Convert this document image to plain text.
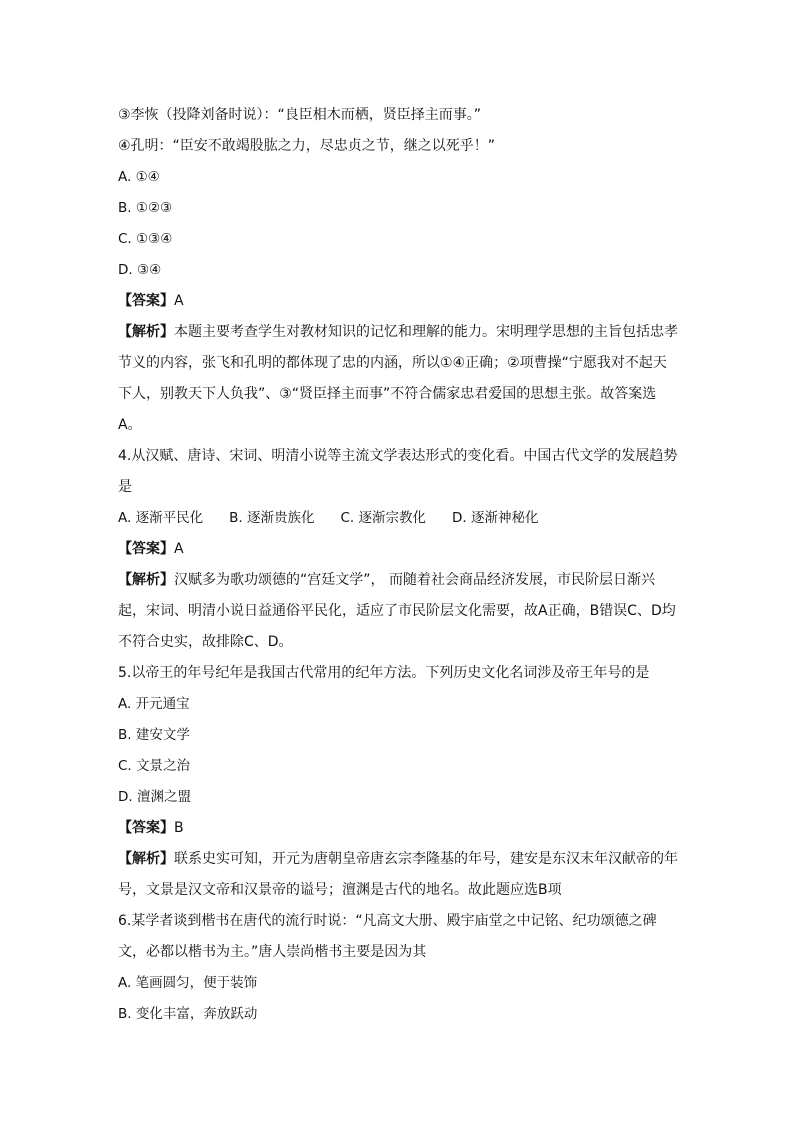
③李恢（投降刘备时说）：“良臣相木而栖，贤臣择主而事。”
④孔明：“臣安不敢竭股肱之力，尽忠贞之节，继之以死乎！”
A. ①④
B. ①②③
C. ①③④
D. ③④
【答案】A
【解析】本题主要考查学生对教材知识的记忆和理解的能力。宋明理学思想的主旨包括忠孝节义的内容，张飞和孔明的都体现了忠的内涵，所以①④正确；②项曹操“宁愿我对不起天下人，别教天下人负我”、③“贤臣择主而事”不符合儒家忠君爱国的思想主张。故答案选A。
4.从汉赋、唐诗、宋词、明清小说等主流文学表达形式的变化看。中国古代文学的发展趋势是
A. 逐渐平民化 B. 逐渐贵族化 C. 逐渐宗教化 D. 逐渐神秘化
【答案】A
【解析】汉赋多为歌功颂德的“宫廷文学”， 而随着社会商品经济发展，市民阶层日渐兴起，宋词、明清小说日益通俗平民化，适应了市民阶层文化需要，故A正确，B错误C、D均不符合史实，故排除C、D。
5.以帝王的年号纪年是我国古代常用的纪年方法。下列历史文化名词涉及帝王年号的是
A. 开元通宝
B. 建安文学
C. 文景之治
D. 澶渊之盟
【答案】B
【解析】联系史实可知，开元为唐朝皇帝唐玄宗李隆基的年号，建安是东汉末年汉献帝的年号，文景是汉文帝和汉景帝的谥号；澶渊是古代的地名。故此题应选B项
6.某学者谈到楷书在唐代的流行时说：“凡高文大册、殿宇庙堂之中记铭、纪功颂德之碑文，必都以楷书为主。”唐人崇尚楷书主要是因为其
A. 笔画圆匀，便于装饰
B. 变化丰富，奔放跃动
